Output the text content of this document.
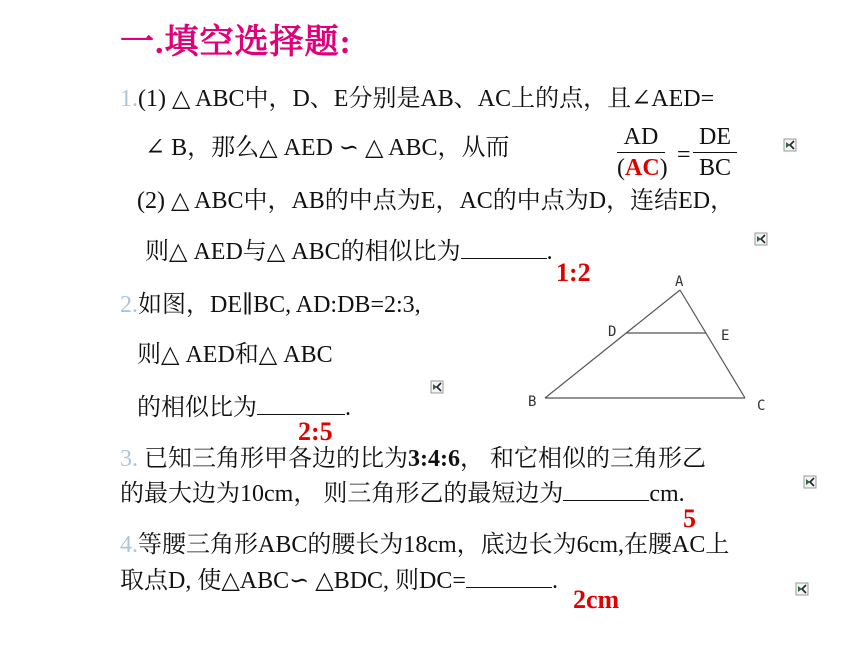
一.填空选择题:
1.(1) △ ABC中，D、E分别是AB、AC上的点，且∠AED=
∠ B，那么△ AED ∽ △ ABC，从而	$\frac{AD}{(AC)} = \frac{DE}{BC}$
(2) △ ABC中，AB的中点为E，AC的中点为D，连结ED，
则△ AED与△ ABC的相似比为	.
1:2
2.如图，DE∥BC, AD:DB=2:3,
则△ AED和△ ABC
的相似比为	.
2:5
A
D	E
B	C
3. 已知三角形甲各边的比为3:4:6， 和它相似的三角形乙
的最大边为10cm， 则三角形乙的最短边为	cm.
5
4.等腰三角形ABC的腰长为18cm，底边长为6cm,在腰AC上
取点D, 使△ABC∽ △BDC, 则DC=	.
2cm
